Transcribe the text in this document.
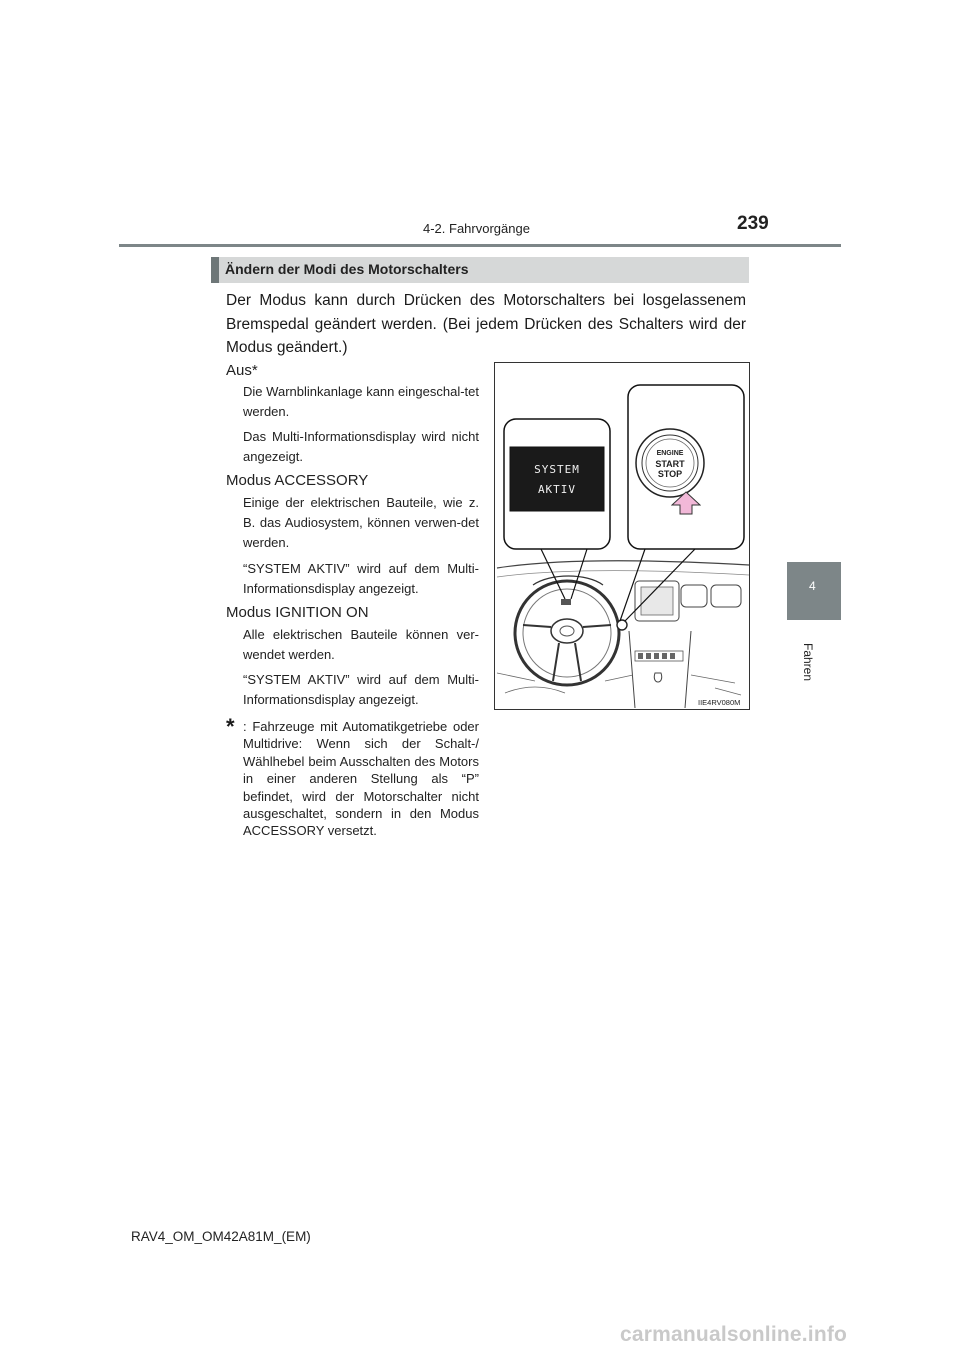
4-2. Fahrvorgänge	239
4
Fahren
Ändern der Modi des Motorschalters

Der Modus kann durch Drücken des Motorschalters bei losgelassenem Bremspedal geändert werden. (Bei jedem Drücken des Schalters wird der Modus geändert.)

Aus*

Die Warnblinkanlage kann eingeschal-tet werden.

Das Multi-Informationsdisplay wird nicht angezeigt.

Modus ACCESSORY

Einige der elektrischen Bauteile, wie z. B. das Audiosystem, können verwen-det werden.

“SYSTEM AKTIV” wird auf dem Multi-Informationsdisplay angezeigt.

Modus IGNITION ON

Alle elektrischen Bauteile können ver-wendet werden.

“SYSTEM AKTIV” wird auf dem Multi-Informationsdisplay angezeigt.

* : Fahrzeuge mit Automatikgetriebe oder Multidrive: Wenn sich der Schalt-/ Wählhebel beim Ausschalten des Motors in einer anderen Stellung als “P” befindet, wird der Motorschalter nicht ausgeschaltet, sondern in den Modus ACCESSORY versetzt.

SYSTEM
AKTIV
ENGINE
START
STOP
IIE4RV080M
RAV4_OM_OM42A81M_(EM)
carmanualsonline.info
